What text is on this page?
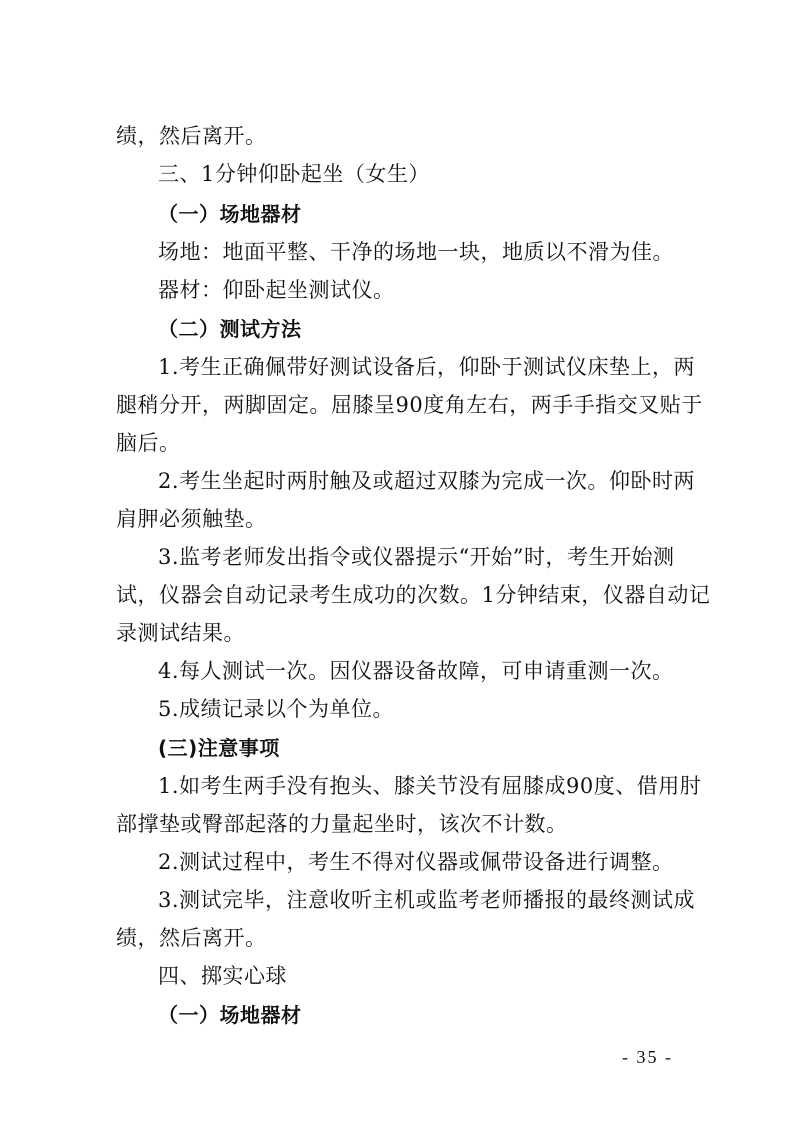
绩，然后离开。
三、1分钟仰卧起坐（女生）
（一）场地器材
场地：地面平整、干净的场地一块，地质以不滑为佳。
器材：仰卧起坐测试仪。
（二）测试方法
1.考生正确佩带好测试设备后，仰卧于测试仪床垫上，两
腿稍分开，两脚固定。屈膝呈90度角左右，两手手指交叉贴于
脑后。
2.考生坐起时两肘触及或超过双膝为完成一次。仰卧时两
肩胛必须触垫。
3.监考老师发出指令或仪器提示“开始”时，考生开始测
试，仪器会自动记录考生成功的次数。1分钟结束，仪器自动记
录测试结果。
4.每人测试一次。因仪器设备故障，可申请重测一次。
5.成绩记录以个为单位。
(三)注意事项
1.如考生两手没有抱头、膝关节没有屈膝成90度、借用肘
部撑垫或臀部起落的力量起坐时，该次不计数。
2.测试过程中，考生不得对仪器或佩带设备进行调整。
3.测试完毕，注意收听主机或监考老师播报的最终测试成
绩，然后离开。
四、掷实心球
（一）场地器材
- 35 -
